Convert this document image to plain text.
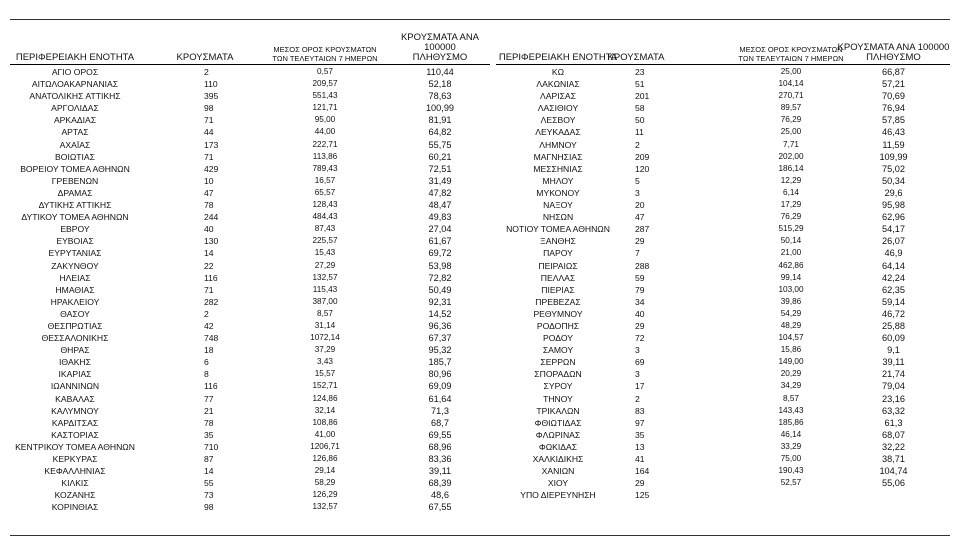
ΠΕΡΙΦΕΡΕΙΑΚΗ ΕΝΟΤΗΤΑ	ΚΡΟΥΣΜΑΤΑ
ΜΕΣΟΣ ΟΡΟΣ ΚΡΟΥΣΜΑΤΩΝ
ΤΩΝ ΤΕΛΕΥΤΑΙΩΝ 7 ΗΜΕΡΩΝ
ΚΡΟΥΣΜΑΤΑ ΑΝΑ 100000
ΠΛΗΘΥΣΜΟ
ΑΓΙΟ ΟΡΟΣ	2	0,57	110,44
ΑΙΤΩΛΟΑΚΑΡΝΑΝΙΑΣ	110	209,57	52,18
ΑΝΑΤΟΛΙΚΗΣ ΑΤΤΙΚΗΣ	395	551,43	78,63
ΑΡΓΟΛΙΔΑΣ	98	121,71	100,99
ΑΡΚΑΔΙΑΣ	71	95,00	81,91
ΑΡΤΑΣ	44	44,00	64,82
ΑΧΑΪΑΣ	173	222,71	55,75
ΒΟΙΩΤΙΑΣ	71	113,86	60,21
ΒΟΡΕΙΟΥ ΤΟΜΕΑ ΑΘΗΝΩΝ	429	789,43	72,51
ΓΡΕΒΕΝΩΝ	10	16,57	31,49
ΔΡΑΜΑΣ	47	65,57	47,82
ΔΥΤΙΚΗΣ ΑΤΤΙΚΗΣ	78	128,43	48,47
ΔΥΤΙΚΟΥ ΤΟΜΕΑ ΑΘΗΝΩΝ	244	484,43	49,83
ΕΒΡΟΥ	40	87,43	27,04
ΕΥΒΟΙΑΣ	130	225,57	61,67
ΕΥΡΥΤΑΝΙΑΣ	14	15,43	69,72
ΖΑΚΥΝΘΟΥ	22	27,29	53,98
ΗΛΕΙΑΣ	116	132,57	72,82
ΗΜΑΘΙΑΣ	71	115,43	50,49
ΗΡΑΚΛΕΙΟΥ	282	387,00	92,31
ΘΑΣΟΥ	2	8,57	14,52
ΘΕΣΠΡΩΤΙΑΣ	42	31,14	96,36
ΘΕΣΣΑΛΟΝΙΚΗΣ	748	1072,14	67,37
ΘΗΡΑΣ	18	37,29	95,32
ΙΘΑΚΗΣ	6	3,43	185,7
ΙΚΑΡΙΑΣ	8	15,57	80,96
ΙΩΑΝΝΙΝΩΝ	116	152,71	69,09
ΚΑΒΑΛΑΣ	77	124,86	61,64
ΚΑΛΥΜΝΟΥ	21	32,14	71,3
ΚΑΡΔΙΤΣΑΣ	78	108,86	68,7
ΚΑΣΤΟΡΙΑΣ	35	41,00	69,55
ΚΕΝΤΡΙΚΟΥ ΤΟΜΕΑ ΑΘΗΝΩΝ	710	1206,71	68,96
ΚΕΡΚΥΡΑΣ	87	126,86	83,36
ΚΕΦΑΛΛΗΝΙΑΣ	14	29,14	39,11
ΚΙΛΚΙΣ	55	58,29	68,39
ΚΟΖΑΝΗΣ	73	126,29	48,6
ΚΟΡΙΝΘΙΑΣ	98	132,57	67,55
ΠΕΡΙΦΕΡΕΙΑΚΗ ΕΝΟΤΗΤΑ
ΚΡΟΥΣΜΑΤΑ
ΜΕΣΟΣ ΟΡΟΣ ΚΡΟΥΣΜΑΤΩΝ
ΤΩΝ ΤΕΛΕΥΤΑΙΩΝ 7 ΗΜΕΡΩΝ
ΚΡΟΥΣΜΑΤΑ ΑΝΑ 100000
ΠΛΗΘΥΣΜΟ
ΚΩ	23	25,00	66,87
ΛΑΚΩΝΙΑΣ	51	104,14	57,21
ΛΑΡΙΣΑΣ	201	270,71	70,69
ΛΑΣΙΘΙΟΥ	58	89,57	76,94
ΛΕΣΒΟΥ	50	76,29	57,85
ΛΕΥΚΑΔΑΣ	11	25,00	46,43
ΛΗΜΝΟΥ	2	7,71	11,59
ΜΑΓΝΗΣΙΑΣ	209	202,00	109,99
ΜΕΣΣΗΝΙΑΣ	120	186,14	75,02
ΜΗΛΟΥ	5	12,29	50,34
ΜΥΚΟΝΟΥ	3	6,14	29,6
ΝΑΞΟΥ	20	17,29	95,98
ΝΗΣΩΝ	47	76,29	62,96
ΝΟΤΙΟΥ ΤΟΜΕΑ ΑΘΗΝΩΝ	287	515,29	54,17
ΞΑΝΘΗΣ	29	50,14	26,07
ΠΑΡΟΥ	7	21,00	46,9
ΠΕΙΡΑΙΩΣ	288	462,86	64,14
ΠΕΛΛΑΣ	59	99,14	42,24
ΠΙΕΡΙΑΣ	79	103,00	62,35
ΠΡΕΒΕΖΑΣ	34	39,86	59,14
ΡΕΘΥΜΝΟΥ	40	54,29	46,72
ΡΟΔΟΠΗΣ	29	48,29	25,88
ΡΟΔΟΥ	72	104,57	60,09
ΣΑΜΟΥ	3	15,86	9,1
ΣΕΡΡΩΝ	69	149,00	39,11
ΣΠΟΡΑΔΩΝ	3	20,29	21,74
ΣΥΡΟΥ	17	34,29	79,04
ΤΗΝΟΥ	2	8,57	23,16
ΤΡΙΚΑΛΩΝ	83	143,43	63,32
ΦΘΙΩΤΙΔΑΣ	97	185,86	61,3
ΦΛΩΡΙΝΑΣ	35	46,14	68,07
ΦΩΚΙΔΑΣ	13	33,29	32,22
ΧΑΛΚΙΔΙΚΗΣ	41	75,00	38,71
ΧΑΝΙΩΝ	164	190,43	104,74
ΧΙΟΥ	29	52,57	55,06
ΥΠΟ ΔΙΕΡΕΥΝΗΣΗ	125
